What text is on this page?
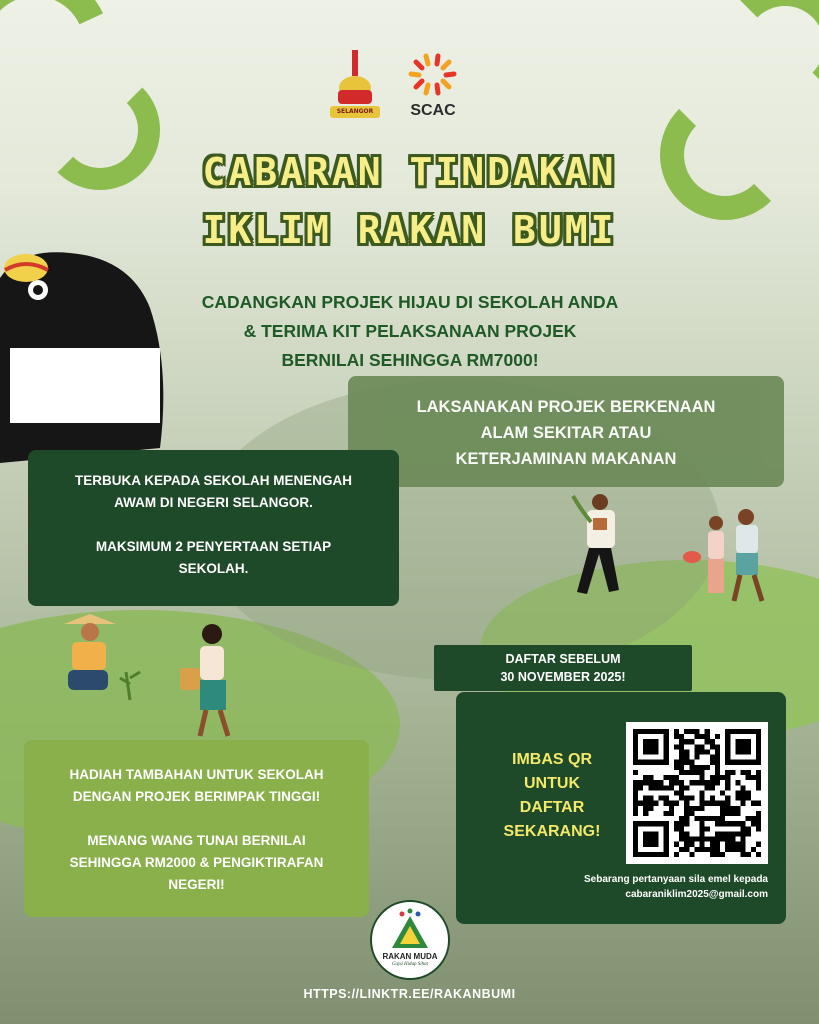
SELANGOR	SCAC
CABARAN TINDAKAN
IKLIM RAKAN BUMI
CADANGKAN PROJEK HIJAU DI SEKOLAH ANDA
& TERIMA KIT PELAKSANAAN PROJEK
BERNILAI SEHINGGA RM7000!
LAKSANAKAN PROJEK BERKENAAN
ALAM SEKITAR ATAU
KETERJAMINAN MAKANAN
TERBUKA KEPADA SEKOLAH MENENGAH
AWAM DI NEGERI SELANGOR.
MAKSIMUM 2 PENYERTAAN SETIAP
SEKOLAH.
DAFTAR SEBELUM
30 NOVEMBER 2025!
HADIAH TAMBAHAN UNTUK SEKOLAH
DENGAN PROJEK BERIMPAK TINGGI!
MENANG WANG TUNAI BERNILAI
SEHINGGA RM2000 & PENGIKTIRAFAN
NEGERI!
IMBAS QR
UNTUK
DAFTAR
SEKARANG!
Sebarang pertanyaan sila emel kepada
cabaraniklim2025@gmail.com
RAKAN MUDA
Gaya Hidup Sihat
HTTPS://LINKTR.EE/RAKANBUMI
